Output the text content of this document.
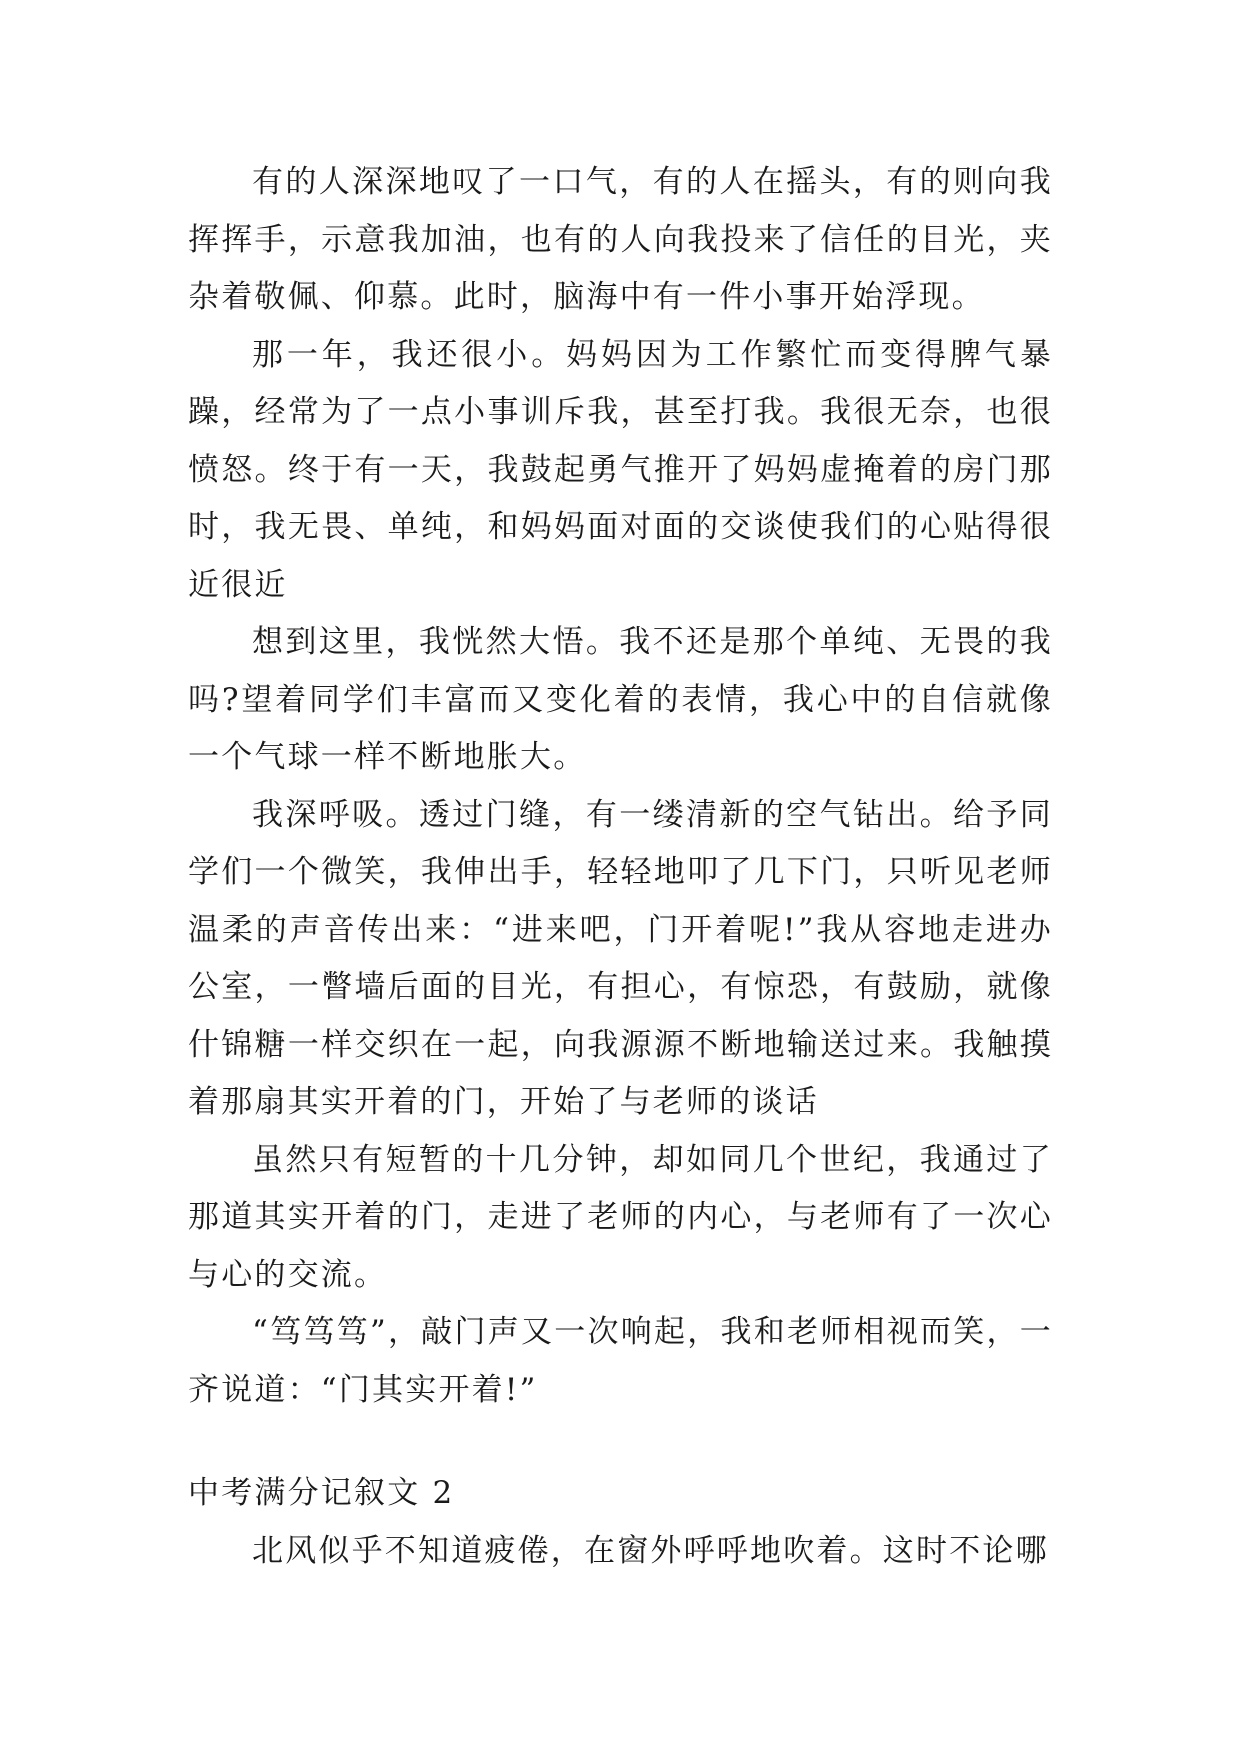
有的人深深地叹了一口气，有的人在摇头，有的则向我挥挥手，示意我加油，也有的人向我投来了信任的目光，夹杂着敬佩、仰慕。此时，脑海中有一件小事开始浮现。

那一年，我还很小。妈妈因为工作繁忙而变得脾气暴躁，经常为了一点小事训斥我，甚至打我。我很无奈，也很愤怒。终于有一天，我鼓起勇气推开了妈妈虚掩着的房门那时，我无畏、单纯，和妈妈面对面的交谈使我们的心贴得很近很近

想到这里，我恍然大悟。我不还是那个单纯、无畏的我吗?望着同学们丰富而又变化着的表情，我心中的自信就像一个气球一样不断地胀大。

我深呼吸。透过门缝，有一缕清新的空气钻出。给予同学们一个微笑，我伸出手，轻轻地叩了几下门，只听见老师温柔的声音传出来：“进来吧，门开着呢!”我从容地走进办公室，一瞥墙后面的目光，有担心，有惊恐，有鼓励，就像什锦糖一样交织在一起，向我源源不断地输送过来。我触摸着那扇其实开着的门，开始了与老师的谈话

虽然只有短暂的十几分钟，却如同几个世纪，我通过了那道其实开着的门，走进了老师的内心，与老师有了一次心与心的交流。

“笃笃笃”，敲门声又一次响起，我和老师相视而笑，一齐说道：“门其实开着!”

中考满分记叙文 2

北风似乎不知道疲倦，在窗外呼呼地吹着。这时不论哪
